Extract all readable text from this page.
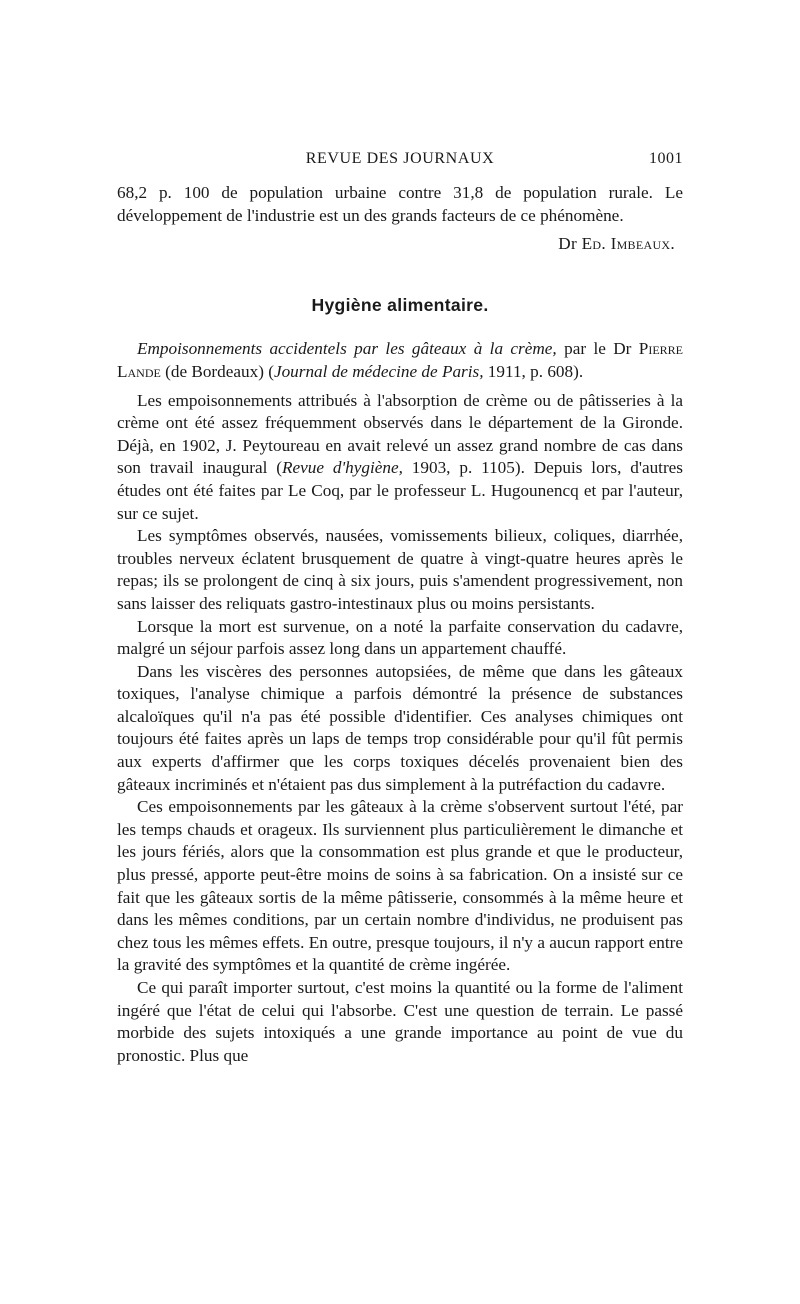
REVUE DES JOURNAUX	1001

68,2 p. 100 de population urbaine contre 31,8 de population rurale. Le développement de l'industrie est un des grands facteurs de ce phénomène.

Dr Ed. Imbeaux.
Hygiène alimentaire.

Empoisonnements accidentels par les gâteaux à la crème, par le Dr Pierre Lande (de Bordeaux) (Journal de médecine de Paris, 1911, p. 608).

Les empoisonnements attribués à l'absorption de crème ou de pâtisseries à la crème ont été assez fréquemment observés dans le département de la Gironde. Déjà, en 1902, J. Peytoureau en avait relevé un assez grand nombre de cas dans son travail inaugural (Revue d'hygiène, 1903, p. 1105). Depuis lors, d'autres études ont été faites par Le Coq, par le professeur L. Hugounencq et par l'auteur, sur ce sujet.

Les symptômes observés, nausées, vomissements bilieux, coliques, diarrhée, troubles nerveux éclatent brusquement de quatre à vingt-quatre heures après le repas; ils se prolongent de cinq à six jours, puis s'amendent progressivement, non sans laisser des reliquats gastro-intestinaux plus ou moins persistants.

Lorsque la mort est survenue, on a noté la parfaite conservation du cadavre, malgré un séjour parfois assez long dans un appartement chauffé.

Dans les viscères des personnes autopsiées, de même que dans les gâteaux toxiques, l'analyse chimique a parfois démontré la présence de substances alcaloïques qu'il n'a pas été possible d'identifier. Ces analyses chimiques ont toujours été faites après un laps de temps trop considérable pour qu'il fût permis aux experts d'affirmer que les corps toxiques décelés provenaient bien des gâteaux incriminés et n'étaient pas dus simplement à la putréfaction du cadavre.

Ces empoisonnements par les gâteaux à la crème s'observent surtout l'été, par les temps chauds et orageux. Ils surviennent plus particulièrement le dimanche et les jours fériés, alors que la consommation est plus grande et que le producteur, plus pressé, apporte peut-être moins de soins à sa fabrication. On a insisté sur ce fait que les gâteaux sortis de la même pâtisserie, consommés à la même heure et dans les mêmes conditions, par un certain nombre d'individus, ne produisent pas chez tous les mêmes effets. En outre, presque toujours, il n'y a aucun rapport entre la gravité des symptômes et la quantité de crème ingérée.

Ce qui paraît importer surtout, c'est moins la quantité ou la forme de l'aliment ingéré que l'état de celui qui l'absorbe. C'est une question de terrain. Le passé morbide des sujets intoxiqués a une grande importance au point de vue du pronostic. Plus que
